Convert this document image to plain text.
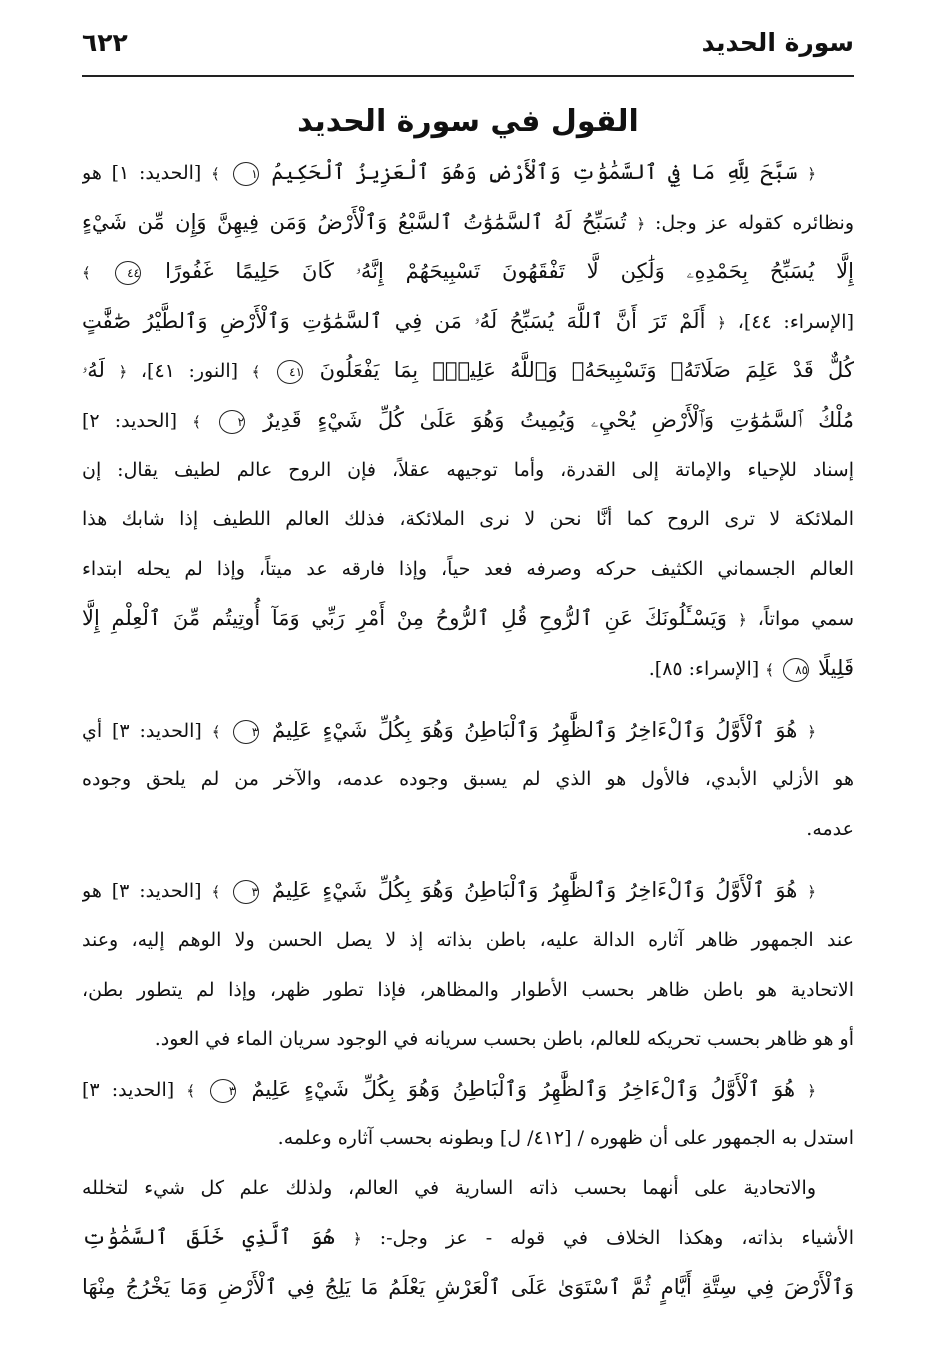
سورة الحديد
٦٢٢
القول في سورة الحديد
﴿ سَبَّحَ لِلَّهِ مَا فِي ٱلسَّمَٰوَٰتِ وَٱلْأَرْضِ وَهُوَ ٱلْعَزِيزُ ٱلْحَكِيمُ ١ ﴾ [الحديد: ١] هو
ونظائره كقوله عز وجل: ﴿ تُسَبِّحُ لَهُ ٱلسَّمَٰوَٰتُ ٱلسَّبْعُ وَٱلْأَرْضُ وَمَن فِيهِنَّ وَإِن مِّن شَيْءٍ
إِلَّا يُسَبِّحُ بِحَمْدِهِۦ وَلَٰكِن لَّا تَفْقَهُونَ تَسْبِيحَهُمْ إِنَّهُۥ كَانَ حَلِيمًا غَفُورًا ٤٤ ﴾
[الإسراء: ٤٤]، ﴿ أَلَمْ تَرَ أَنَّ ٱللَّهَ يُسَبِّحُ لَهُۥ مَن فِي ٱلسَّمَٰوَٰتِ وَٱلْأَرْضِ وَٱلطَّيْرُ صَٰٓفَّٰتٍ
كُلٌّ قَدْ عَلِمَ صَلَاتَهُۥ وَتَسْبِيحَهُۥ وَٱللَّهُ عَلِيمٌۢ بِمَا يَفْعَلُونَ ٤١ ﴾ [النور: ٤١]، ﴿ لَهُۥ
مُلْكُ ٱلسَّمَٰوَٰتِ وَٱلْأَرْضِ يُحْيِۦ وَيُمِيتُ وَهُوَ عَلَىٰ كُلِّ شَيْءٍ قَدِيرٌ ٢ ﴾ [الحديد: ٢]
إسناد للإحياء والإماتة إلى القدرة، وأما توجيهه عقلاً، فإن الروح عالم لطيف يقال: إن
الملائكة لا ترى الروح كما أنَّا نحن لا نرى الملائكة، فذلك العالم اللطيف إذا شابك هذا
العالم الجسماني الكثيف حركه وصرفه فعد حياً، وإذا فارقه عد ميتاً، وإذا لم يحله ابتداء
سمي مواتاً، ﴿ وَيَسْـَٔلُونَكَ عَنِ ٱلرُّوحِ قُلِ ٱلرُّوحُ مِنْ أَمْرِ رَبِّي وَمَآ أُوتِيتُم مِّنَ ٱلْعِلْمِ إِلَّا
قَلِيلًا ٨٥ ﴾ [الإسراء: ٨٥].
﴿ هُوَ ٱلْأَوَّلُ وَٱلْءَاخِرُ وَٱلظَّٰهِرُ وَٱلْبَاطِنُ وَهُوَ بِكُلِّ شَيْءٍ عَلِيمٌ ٣ ﴾ [الحديد: ٣] أي
هو الأزلي الأبدي، فالأول هو الذي لم يسبق وجوده عدمه، والآخر من لم يلحق وجوده
عدمه.
﴿ هُوَ ٱلْأَوَّلُ وَٱلْءَاخِرُ وَٱلظَّٰهِرُ وَٱلْبَاطِنُ وَهُوَ بِكُلِّ شَيْءٍ عَلِيمٌ ٣ ﴾ [الحديد: ٣] هو
عند الجمهور ظاهر آثاره الدالة عليه، باطن بذاته إذ لا يصل الحسن ولا الوهم إليه، وعند
الاتحادية هو باطن ظاهر بحسب الأطوار والمظاهر، فإذا تطور ظهر، وإذا لم يتطور بطن،
أو هو ظاهر بحسب تحريكه للعالم، باطن بحسب سريانه في الوجود سريان الماء في العود.
﴿ هُوَ ٱلْأَوَّلُ وَٱلْءَاخِرُ وَٱلظَّٰهِرُ وَٱلْبَاطِنُ وَهُوَ بِكُلِّ شَيْءٍ عَلِيمٌ ٣ ﴾ [الحديد: ٣]
استدل به الجمهور على أن ظهوره / [٤١٢/ ل] وبطونه بحسب آثاره وعلمه.
والاتحادية على أنهما بحسب ذاته السارية في العالم، ولذلك علم كل شيء لتخلله
الأشياء بذاته، وهكذا الخلاف في قوله - عز وجل-: ﴿ هُوَ ٱلَّذِي خَلَقَ ٱلسَّمَٰوَٰتِ
وَٱلْأَرْضَ فِي سِتَّةِ أَيَّامٍ ثُمَّ ٱسْتَوَىٰ عَلَى ٱلْعَرْشِ يَعْلَمُ مَا يَلِجُ فِي ٱلْأَرْضِ وَمَا يَخْرُجُ مِنْهَا
